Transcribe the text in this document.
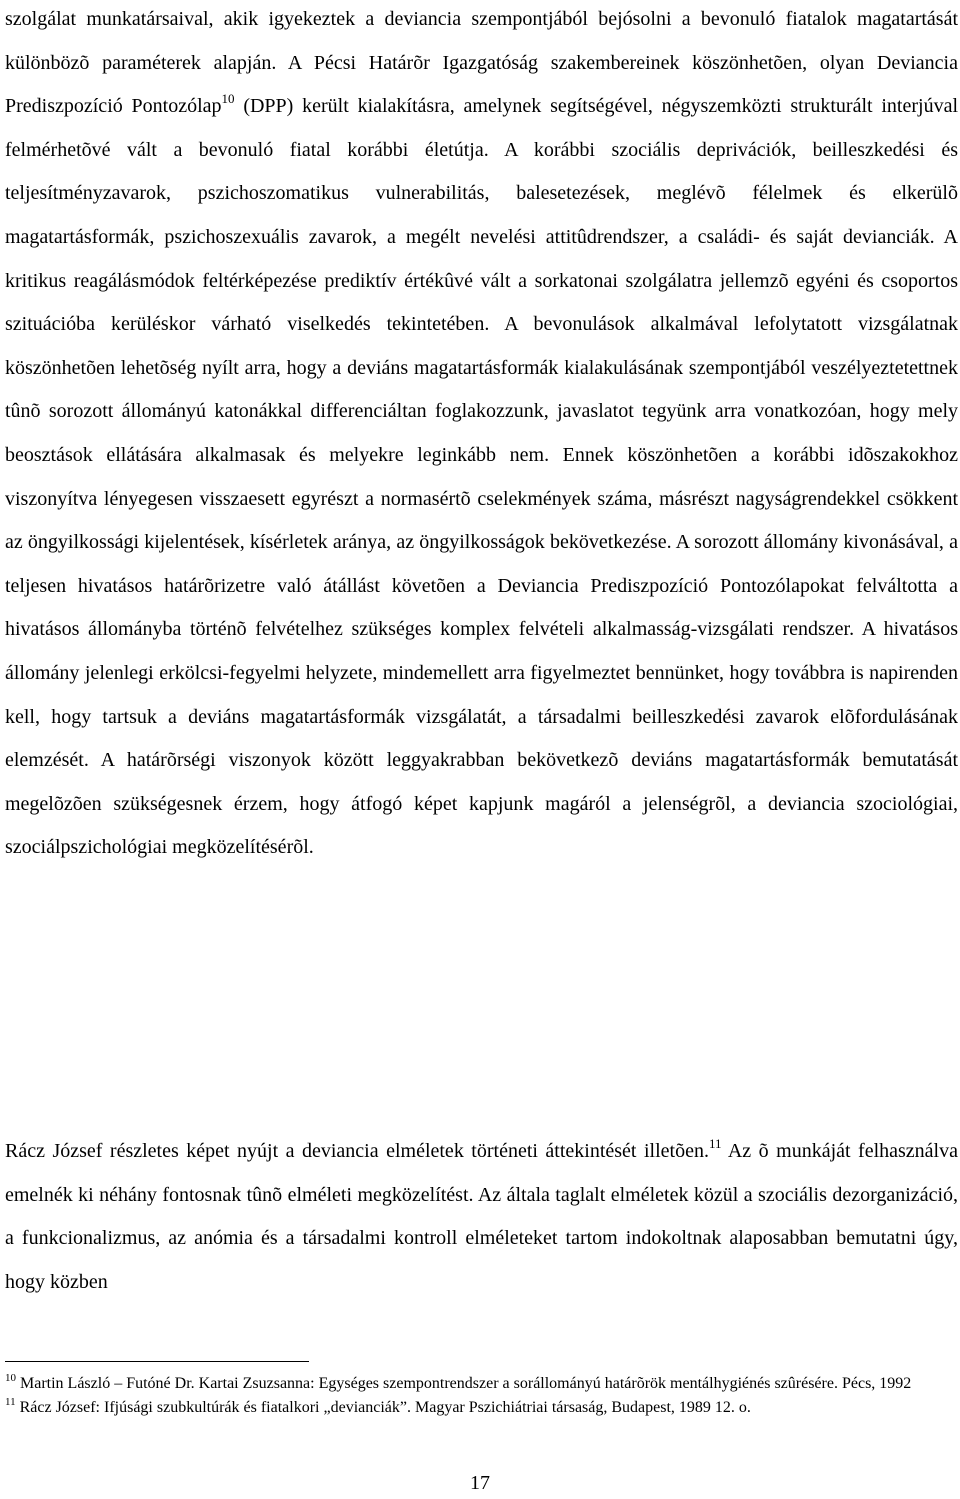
szolgálat munkatársaival, akik igyekeztek a deviancia szempontjából bejósolni a bevonuló fiatalok magatartását különbözõ paraméterek alapján. A Pécsi Határõr Igazgatóság szakembereinek köszönhetõen, olyan Deviancia Prediszpozíció Pontozólap$^{10}$ (DPP) került kialakításra, amelynek segítségével, négyszemközti strukturált interjúval felmérhetõvé vált a bevonuló fiatal korábbi életútja. A korábbi szociális deprivációk, beilleszkedési és teljesítményzavarok, pszichoszomatikus vulnerabilitás, balesetezések, meglévõ félelmek és elkerülõ magatartásformák, pszichoszexuális zavarok, a megélt nevelési attitûdrendszer, a családi- és saját devianciák. A kritikus reagálásmódok feltérképezése prediktív értékûvé vált a sorkatonai szolgálatra jellemzõ egyéni és csoportos szituációba kerüléskor várható viselkedés tekintetében. A bevonulások alkalmával lefolytatott vizsgálatnak köszönhetõen lehetõség nyílt arra, hogy a deviáns magatartásformák kialakulásának szempontjából veszélyeztetettnek tûnõ sorozott állományú katonákkal differenciáltan foglakozzunk, javaslatot tegyünk arra vonatkozóan, hogy mely beosztások ellátására alkalmasak és melyekre leginkább nem. Ennek köszönhetõen a korábbi idõszakokhoz viszonyítva lényegesen visszaesett egyrészt a normasértõ cselekmények száma, másrészt nagyságrendekkel csökkent az öngyilkossági kijelentések, kísérletek aránya, az öngyilkosságok bekövetkezése. A sorozott állomány kivonásával, a teljesen hivatásos határõrizetre való átállást követõen a Deviancia Prediszpozíció Pontozólapokat felváltotta a hivatásos állományba történõ felvételhez szükséges komplex felvételi alkalmasság-vizsgálati rendszer. A hivatásos állomány jelenlegi erkölcsi-fegyelmi helyzete, mindemellett arra figyelmeztet bennünket, hogy továbbra is napirenden kell, hogy tartsuk a deviáns magatartásformák vizsgálatát, a társadalmi beilleszkedési zavarok elõfordulásának elemzését. A határõrségi viszonyok között leggyakrabban bekövetkezõ deviáns magatartásformák bemutatását megelõzõen szükségesnek érzem, hogy átfogó képet kapjunk magáról a jelenségrõl, a deviancia szociológiai, szociálpszichológiai megközelítésérõl.

Rácz József részletes képet nyújt a deviancia elméletek történeti áttekintését illetõen.$^{11}$ Az õ munkáját felhasználva emelnék ki néhány fontosnak tûnõ elméleti megközelítést. Az általa taglalt elméletek közül a szociális dezorganizáció, a funkcionalizmus, az anómia és a társadalmi kontroll elméleteket tartom indokoltnak alaposabban bemutatni úgy, hogy közben

$^{10}$ Martin László – Futóné Dr. Kartai Zsuzsanna: Egységes szempontrendszer a sorállományú határõrök mentálhygiénés szûrésére. Pécs, 1992

$^{11}$ Rácz József: Ifjúsági szubkultúrák és fiatalkori „devianciák”. Magyar Pszichiátriai társaság, Budapest, 1989 12. o.

17
